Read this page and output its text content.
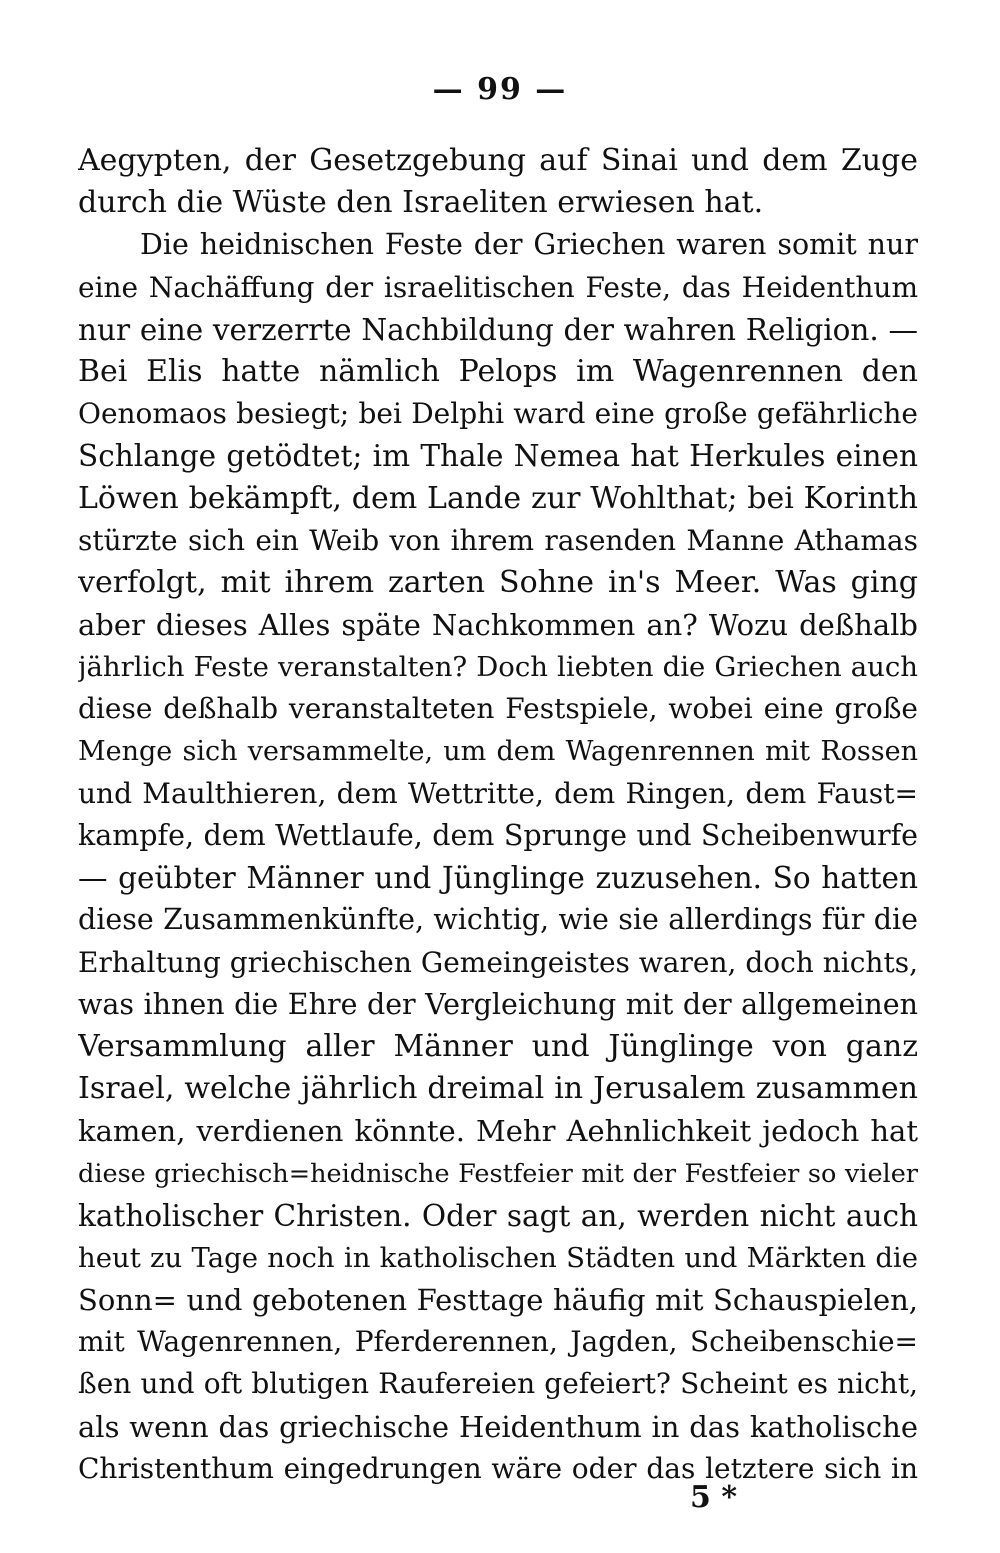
— 99 —
Aegypten, der Gesetzgebung auf Sinai und dem Zuge
durch die Wüste den Israeliten erwiesen hat.
Die heidnischen Feste der Griechen waren somit nur
eine Nachäffung der israelitischen Feste, das Heidenthum
nur eine verzerrte Nachbildung der wahren Religion. —
Bei Elis hatte nämlich Pelops im Wagenrennen den
Oenomaos besiegt; bei Delphi ward eine große gefährliche
Schlange getödtet; im Thale Nemea hat Herkules einen
Löwen bekämpft, dem Lande zur Wohlthat; bei Korinth
stürzte sich ein Weib von ihrem rasenden Manne Athamas
verfolgt, mit ihrem zarten Sohne in's Meer. Was ging
aber dieses Alles späte Nachkommen an? Wozu deßhalb
jährlich Feste veranstalten? Doch liebten die Griechen auch
diese deßhalb veranstalteten Festspiele, wobei eine große
Menge sich versammelte, um dem Wagenrennen mit Rossen
und Maulthieren, dem Wettritte, dem Ringen, dem Faust=
kampfe, dem Wettlaufe, dem Sprunge und Scheibenwurfe
— geübter Männer und Jünglinge zuzusehen. So hatten
diese Zusammenkünfte, wichtig, wie sie allerdings für die
Erhaltung griechischen Gemeingeistes waren, doch nichts,
was ihnen die Ehre der Vergleichung mit der allgemeinen
Versammlung aller Männer und Jünglinge von ganz
Israel, welche jährlich dreimal in Jerusalem zusammen
kamen, verdienen könnte. Mehr Aehnlichkeit jedoch hat
diese griechisch=heidnische Festfeier mit der Festfeier so vieler
katholischer Christen. Oder sagt an, werden nicht auch
heut zu Tage noch in katholischen Städten und Märkten die
Sonn= und gebotenen Festtage häufig mit Schauspielen,
mit Wagenrennen, Pferderennen, Jagden, Scheibenschie=
ßen und oft blutigen Raufereien gefeiert? Scheint es nicht,
als wenn das griechische Heidenthum in das katholische
Christenthum eingedrungen wäre oder das letztere sich in
5 *
